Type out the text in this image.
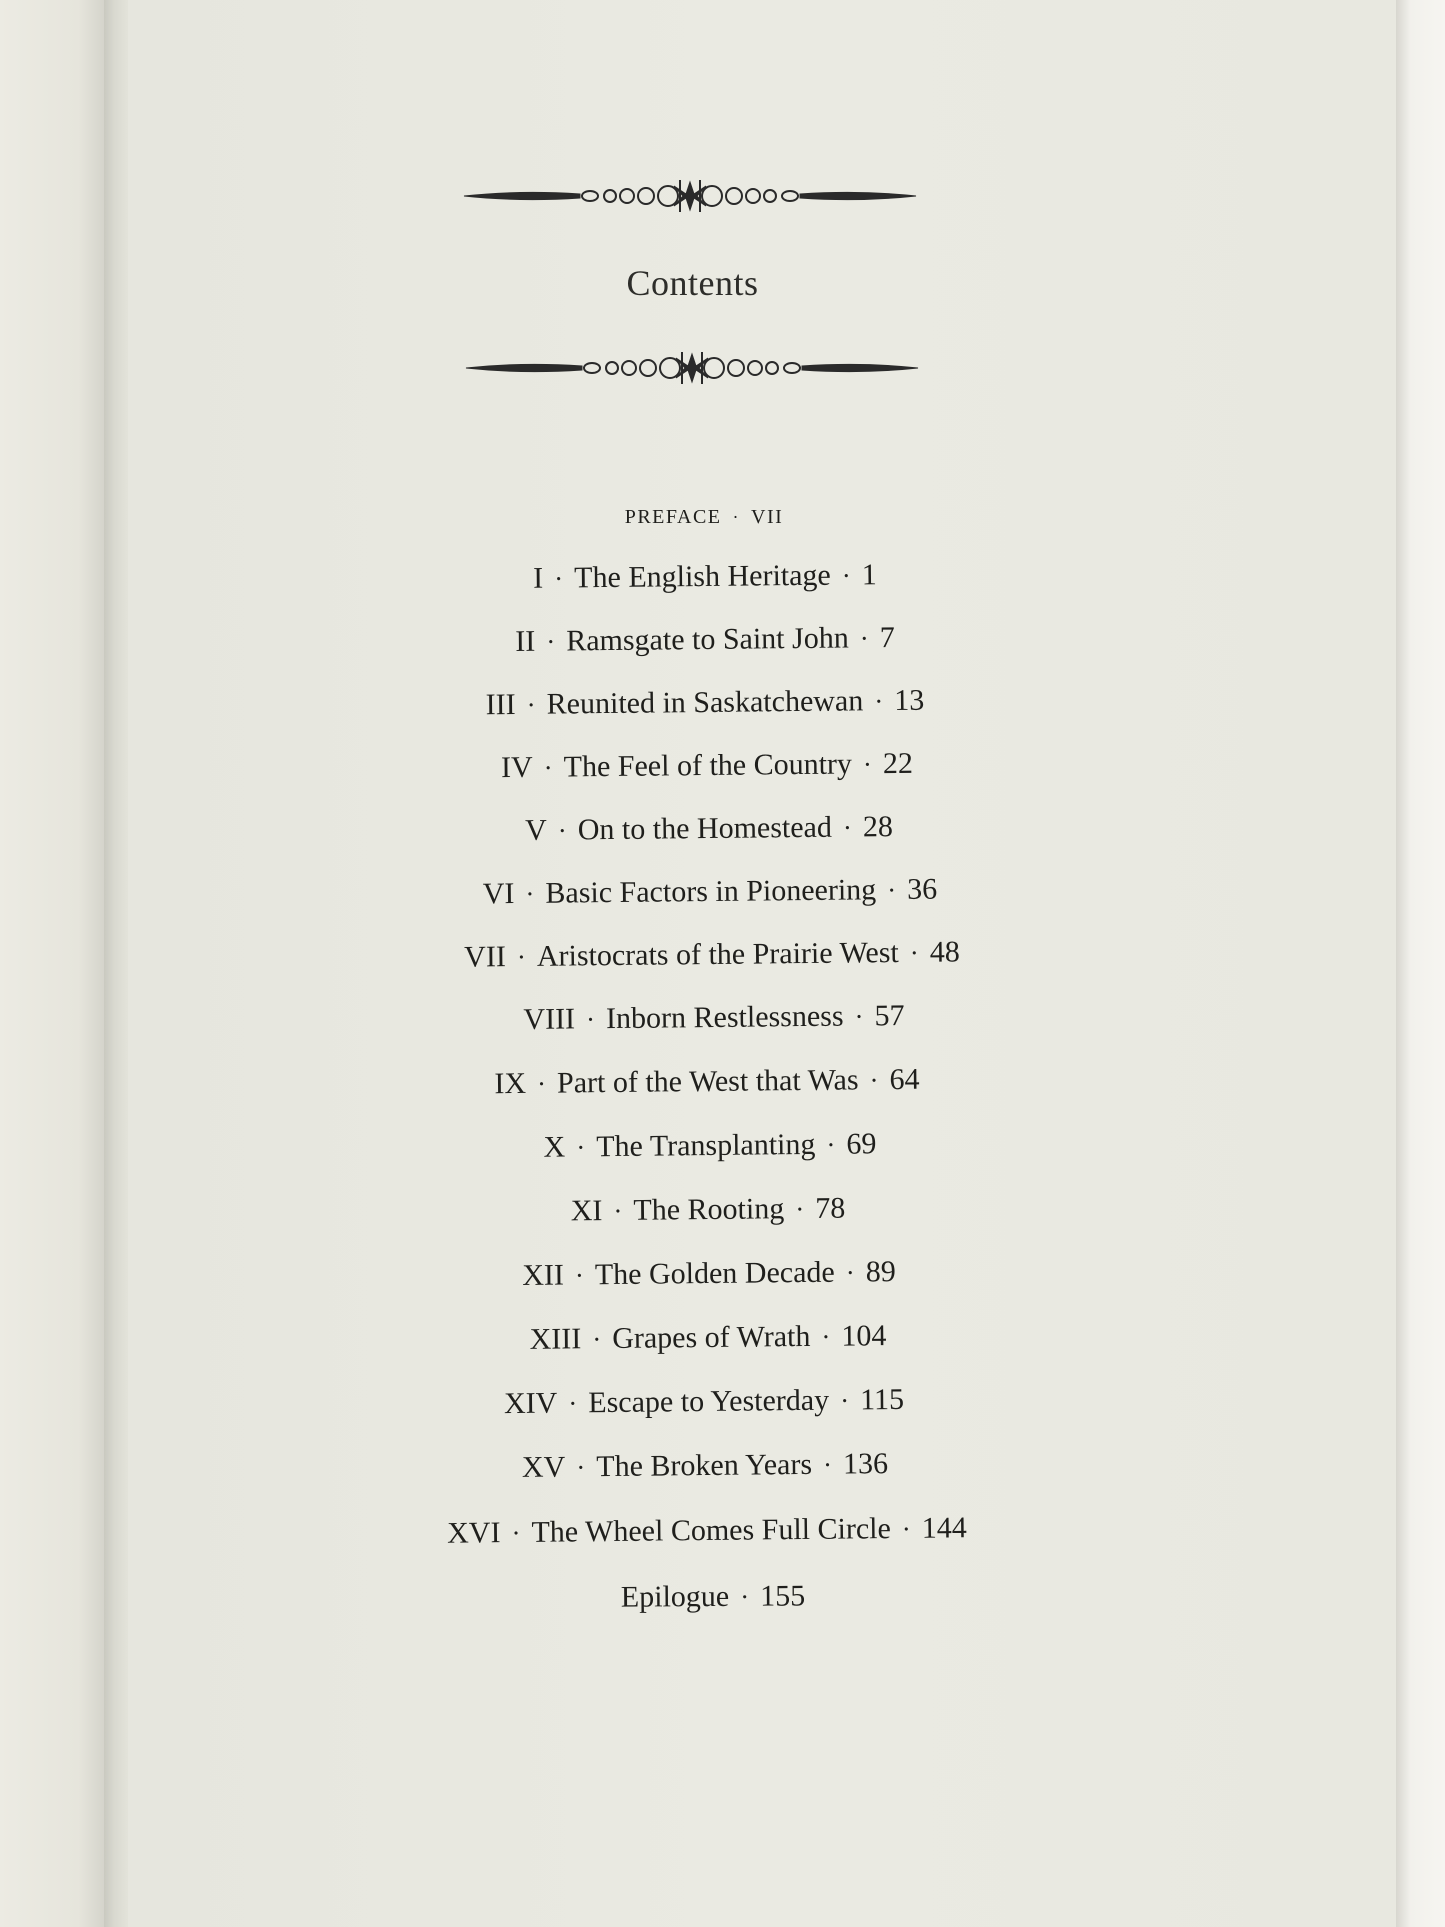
Contents
PREFACE · VII
I · The English Heritage · 1
II · Ramsgate to Saint John · 7
III · Reunited in Saskatchewan · 13
IV · The Feel of the Country · 22
V · On to the Homestead · 28
VI · Basic Factors in Pioneering · 36
VII · Aristocrats of the Prairie West · 48
VIII · Inborn Restlessness · 57
IX · Part of the West that Was · 64
X · The Transplanting · 69
XI · The Rooting · 78
XII · The Golden Decade · 89
XIII · Grapes of Wrath · 104
XIV · Escape to Yesterday · 115
XV · The Broken Years · 136
XVI · The Wheel Comes Full Circle · 144
Epilogue · 155
